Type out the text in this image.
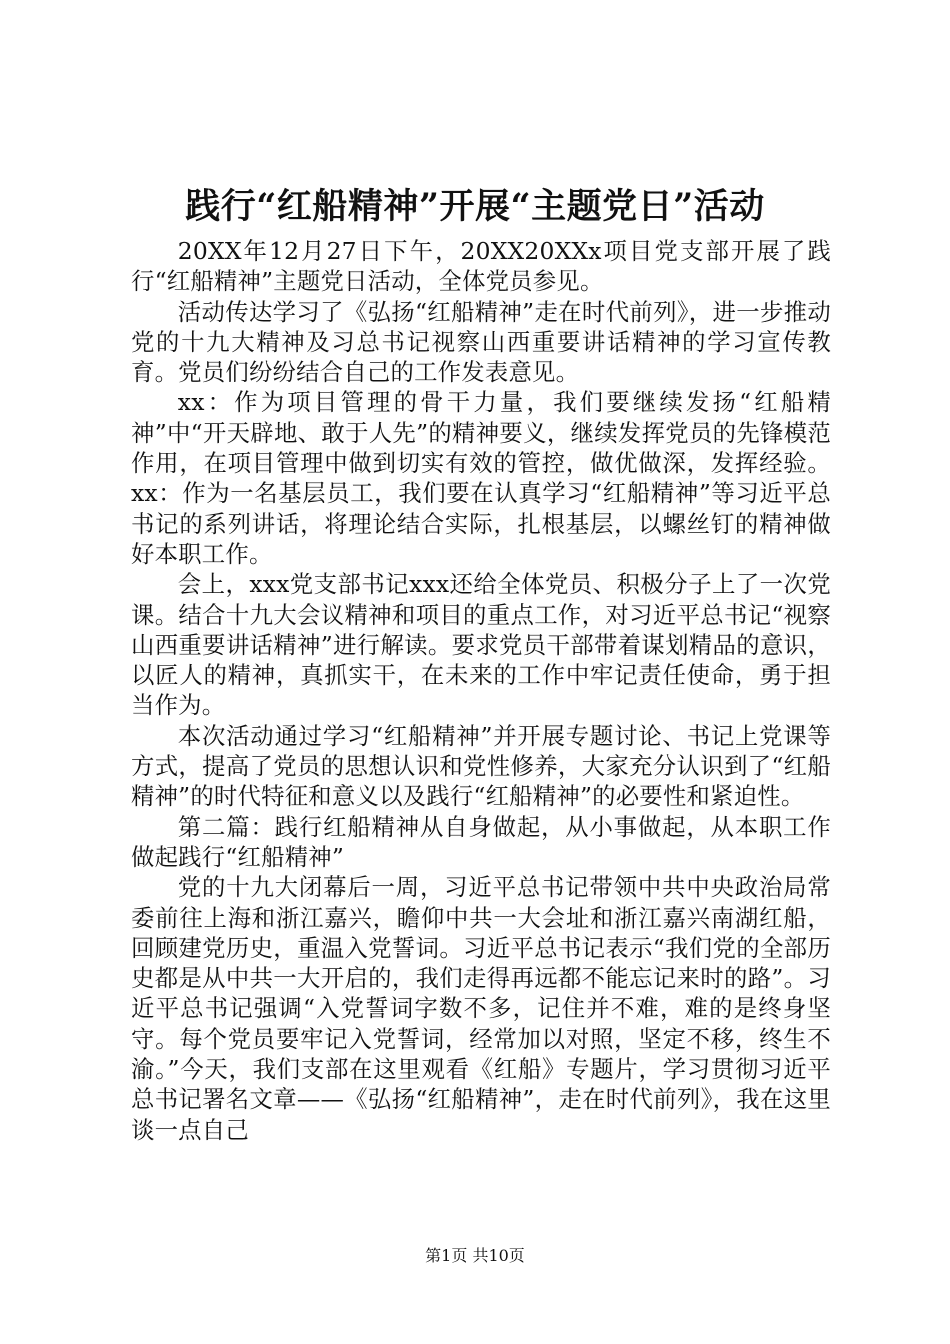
践行“红船精神”开展“主题党日”活动

20XX年12月27日下午，20XX20XXx项目党支部开展了践行“红船精神”主题党日活动，全体党员参见。

活动传达学习了《弘扬“红船精神”走在时代前列》，进一步推动党的十九大精神及习总书记视察山西重要讲话精神的学习宣传教育。党员们纷纷结合自己的工作发表意见。

xx：作为项目管理的骨干力量，我们要继续发扬“红船精神”中“开天辟地、敢于人先”的精神要义，继续发挥党员的先锋模范作用，在项目管理中做到切实有效的管控，做优做深，发挥经验。xx：作为一名基层员工，我们要在认真学习“红船精神”等习近平总书记的系列讲话，将理论结合实际，扎根基层，以螺丝钉的精神做好本职工作。

会上，xxx党支部书记xxx还给全体党员、积极分子上了一次党课。结合十九大会议精神和项目的重点工作，对习近平总书记“视察山西重要讲话精神”进行解读。要求党员干部带着谋划精品的意识，以匠人的精神，真抓实干，在未来的工作中牢记责任使命，勇于担当作为。

本次活动通过学习“红船精神”并开展专题讨论、书记上党课等方式，提高了党员的思想认识和党性修养，大家充分认识到了“红船精神”的时代特征和意义以及践行“红船精神”的必要性和紧迫性。

第二篇：践行红船精神从自身做起，从小事做起，从本职工作做起践行“红船精神”

党的十九大闭幕后一周，习近平总书记带领中共中央政治局常委前往上海和浙江嘉兴，瞻仰中共一大会址和浙江嘉兴南湖红船，回顾建党历史，重温入党誓词。习近平总书记表示“我们党的全部历史都是从中共一大开启的，我们走得再远都不能忘记来时的路”。习近平总书记强调“入党誓词字数不多，记住并不难，难的是终身坚守。每个党员要牢记入党誓词，经常加以对照，坚定不移，终生不渝。”今天，我们支部在这里观看《红船》专题片，学习贯彻习近平总书记署名文章——《弘扬“红船精神”，走在时代前列》，我在这里谈一点自己

第1页 共10页
